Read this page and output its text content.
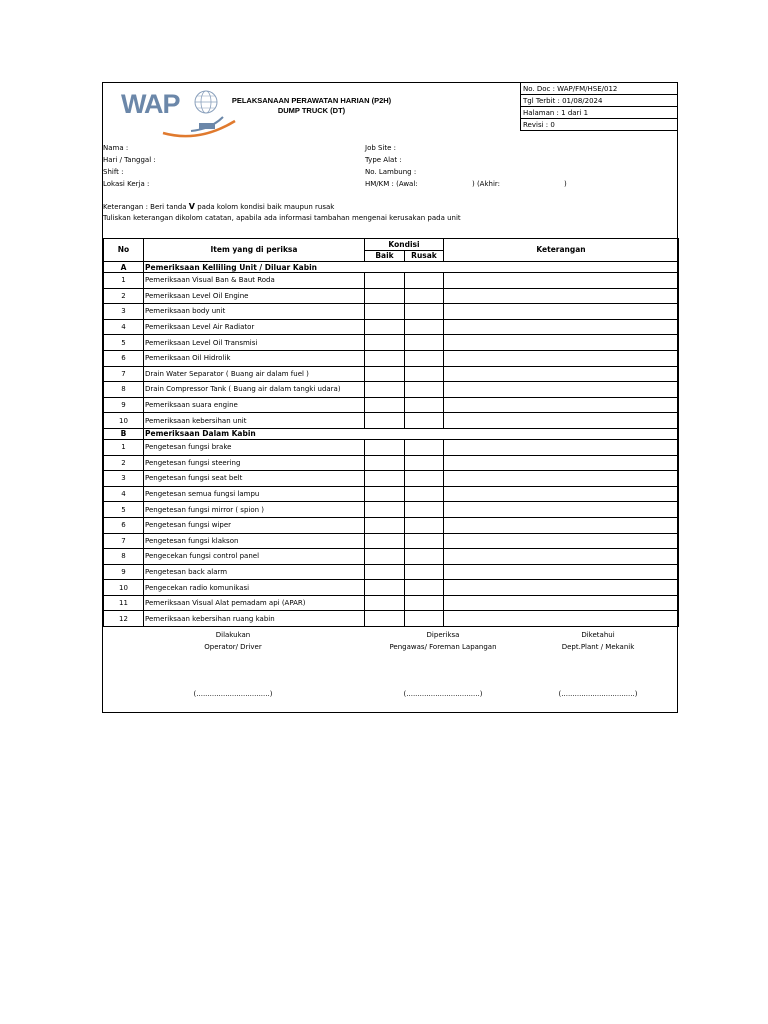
WAP	PELAKSANAAN PERAWATAN HARIAN (P2H)
DUMP TRUCK (DT)
No. Doc : WAP/FM/HSE/012
Tgl Terbit : 01/08/2024
Halaman : 1 dari 1
Revisi : 0
Nama :
Hari / Tanggal :
Shift :
Lokasi Kerja :
Job Site :
Type Alat :
No. Lambung :
HM/KM : (Awal:	) (Akhir:	)
Keterangan : Beri tanda V pada kolom kondisi baik maupun rusak
Tuliskan keterangan dikolom catatan, apabila ada informasi tambahan mengenai kerusakan pada unit
No	Item yang di periksa	Kondisi		Keterangan
		Baik	Rusak	
A	Pemeriksaan Kelliling Unit / Diluar Kabin			
1	Pemeriksaan Visual Ban & Baut Roda			
2	Pemeriksaan Level Oil Engine			
3	Pemeriksaan body unit			
4	Pemeriksaan Level Air Radiator			
5	Pemeriksaan Level Oil Transmisi			
6	Pemeriksaan Oil Hidrolik			
7	Drain Water Separator ( Buang air dalam fuel )			
8	Drain Compressor Tank ( Buang air dalam tangki udara)			
9	Pemeriksaan suara engine			
10	Pemeriksaan kebersihan unit			
B	Pemeriksaan Dalam Kabin			
1	Pengetesan fungsi brake			
2	Pengetesan fungsi steering			
3	Pengetesan fungsi seat belt			
4	Pengetesan semua fungsi lampu			
5	Pengetesan fungsi mirror ( spion )			
6	Pengetesan fungsi wiper			
7	Pengetesan fungsi klakson			
8	Pengecekan fungsi control panel			
9	Pengetesan back alarm			
10	Pengecekan radio komunikasi			
11	Pemeriksaan Visual Alat pemadam api (APAR)			
12	Pemeriksaan kebersihan ruang kabin			
Dilakukan
Operator/ Driver
(.................................)
Diperiksa
Pengawas/ Foreman Lapangan
(.................................)
Diketahui
Dept.Plant / Mekanik
(.................................)
